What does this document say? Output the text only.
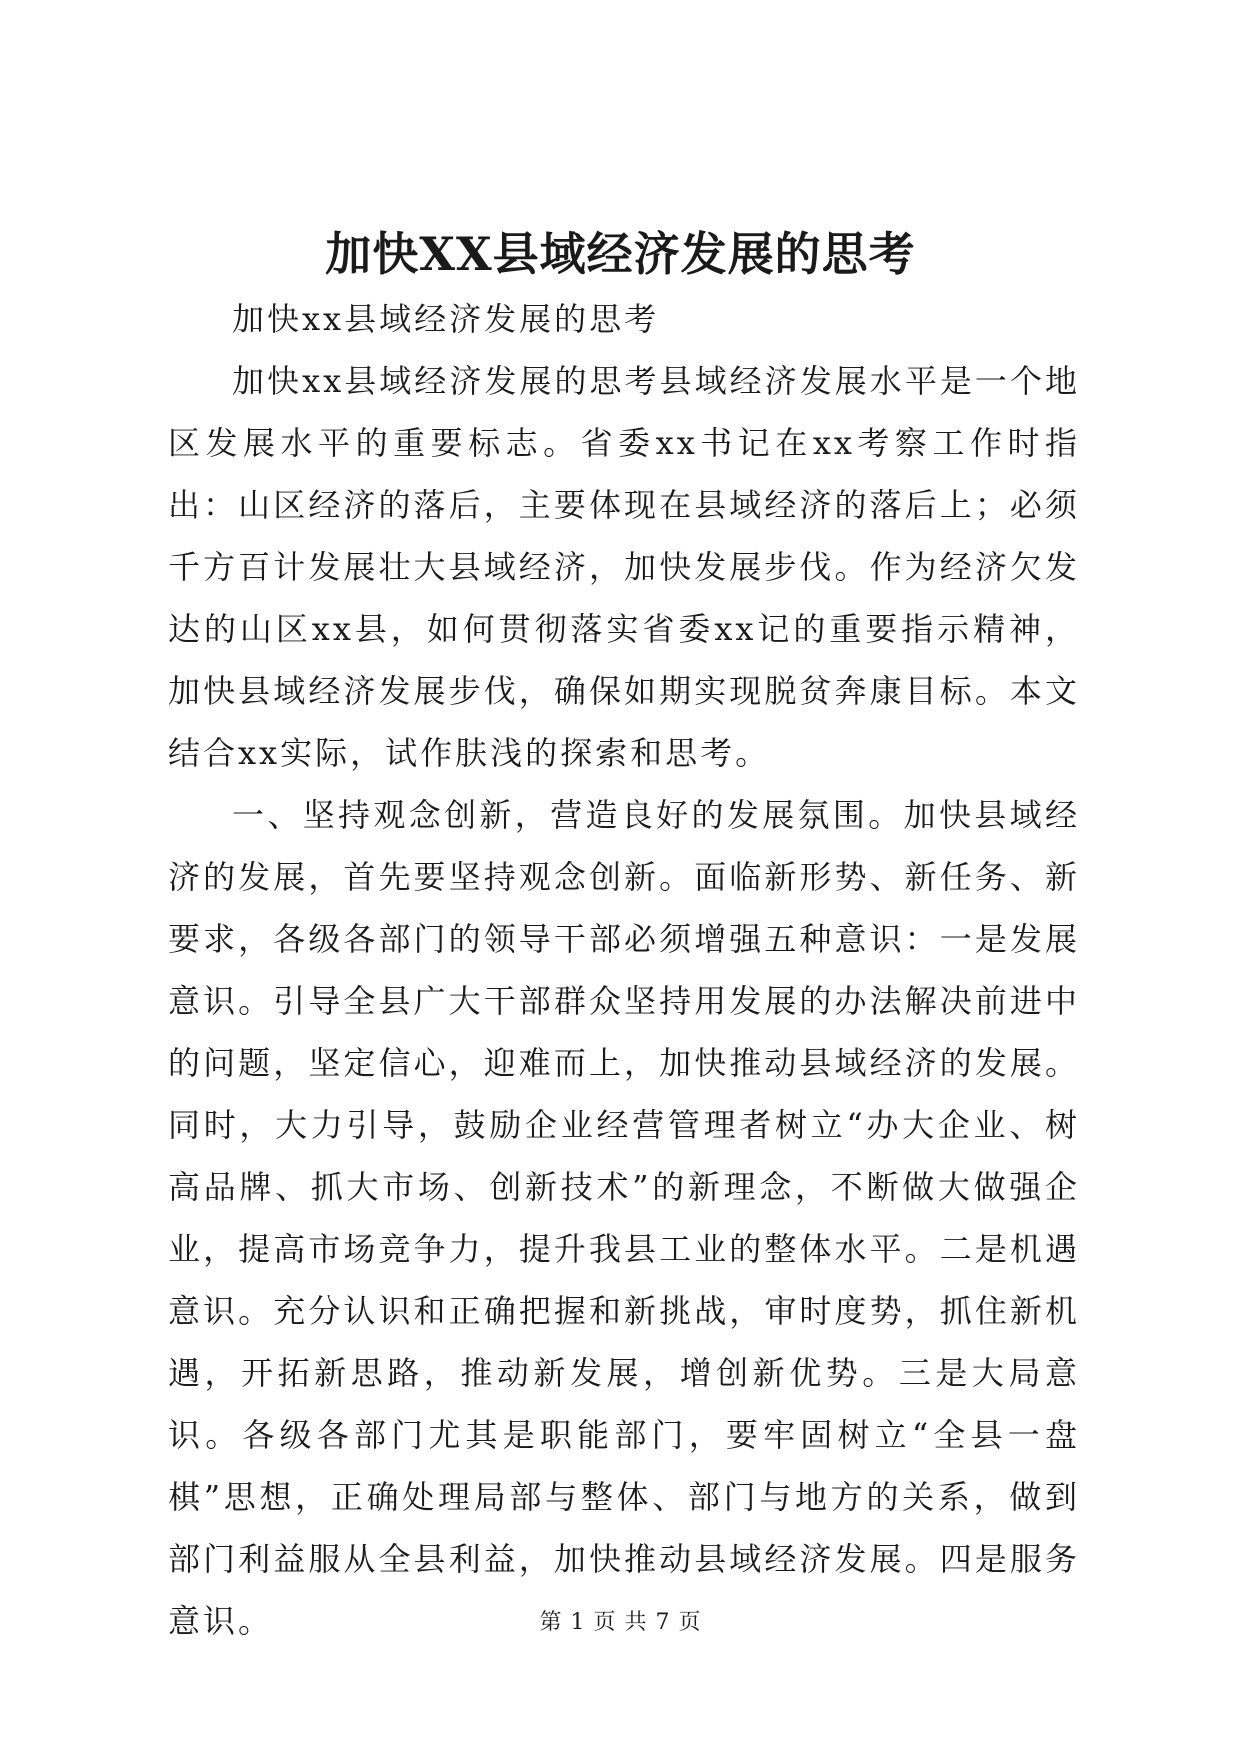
加快XX县域经济发展的思考

加快xx县域经济发展的思考

加快xx县域经济发展的思考县域经济发展水平是一个地区发展水平的重要标志。省委xx书记在xx考察工作时指出：山区经济的落后，主要体现在县域经济的落后上；必须千方百计发展壮大县域经济，加快发展步伐。作为经济欠发达的山区xx县，如何贯彻落实省委xx记的重要指示精神，加快县域经济发展步伐，确保如期实现脱贫奔康目标。本文结合xx实际，试作肤浅的探索和思考。

一、坚持观念创新，营造良好的发展氛围。加快县域经济的发展，首先要坚持观念创新。面临新形势、新任务、新要求，各级各部门的领导干部必须增强五种意识：一是发展意识。引导全县广大干部群众坚持用发展的办法解决前进中的问题，坚定信心，迎难而上，加快推动县域经济的发展。同时，大力引导，鼓励企业经营管理者树立“办大企业、树高品牌、抓大市场、创新技术”的新理念，不断做大做强企业，提高市场竞争力，提升我县工业的整体水平。二是机遇意识。充分认识和正确把握和新挑战，审时度势，抓住新机遇，开拓新思路，推动新发展，增创新优势。三是大局意识。各级各部门尤其是职能部门，要牢固树立“全县一盘棋”思想，正确处理局部与整体、部门与地方的关系，做到部门利益服从全县利益，加快推动县域经济发展。四是服务意识。	第 1 页 共 7 页
